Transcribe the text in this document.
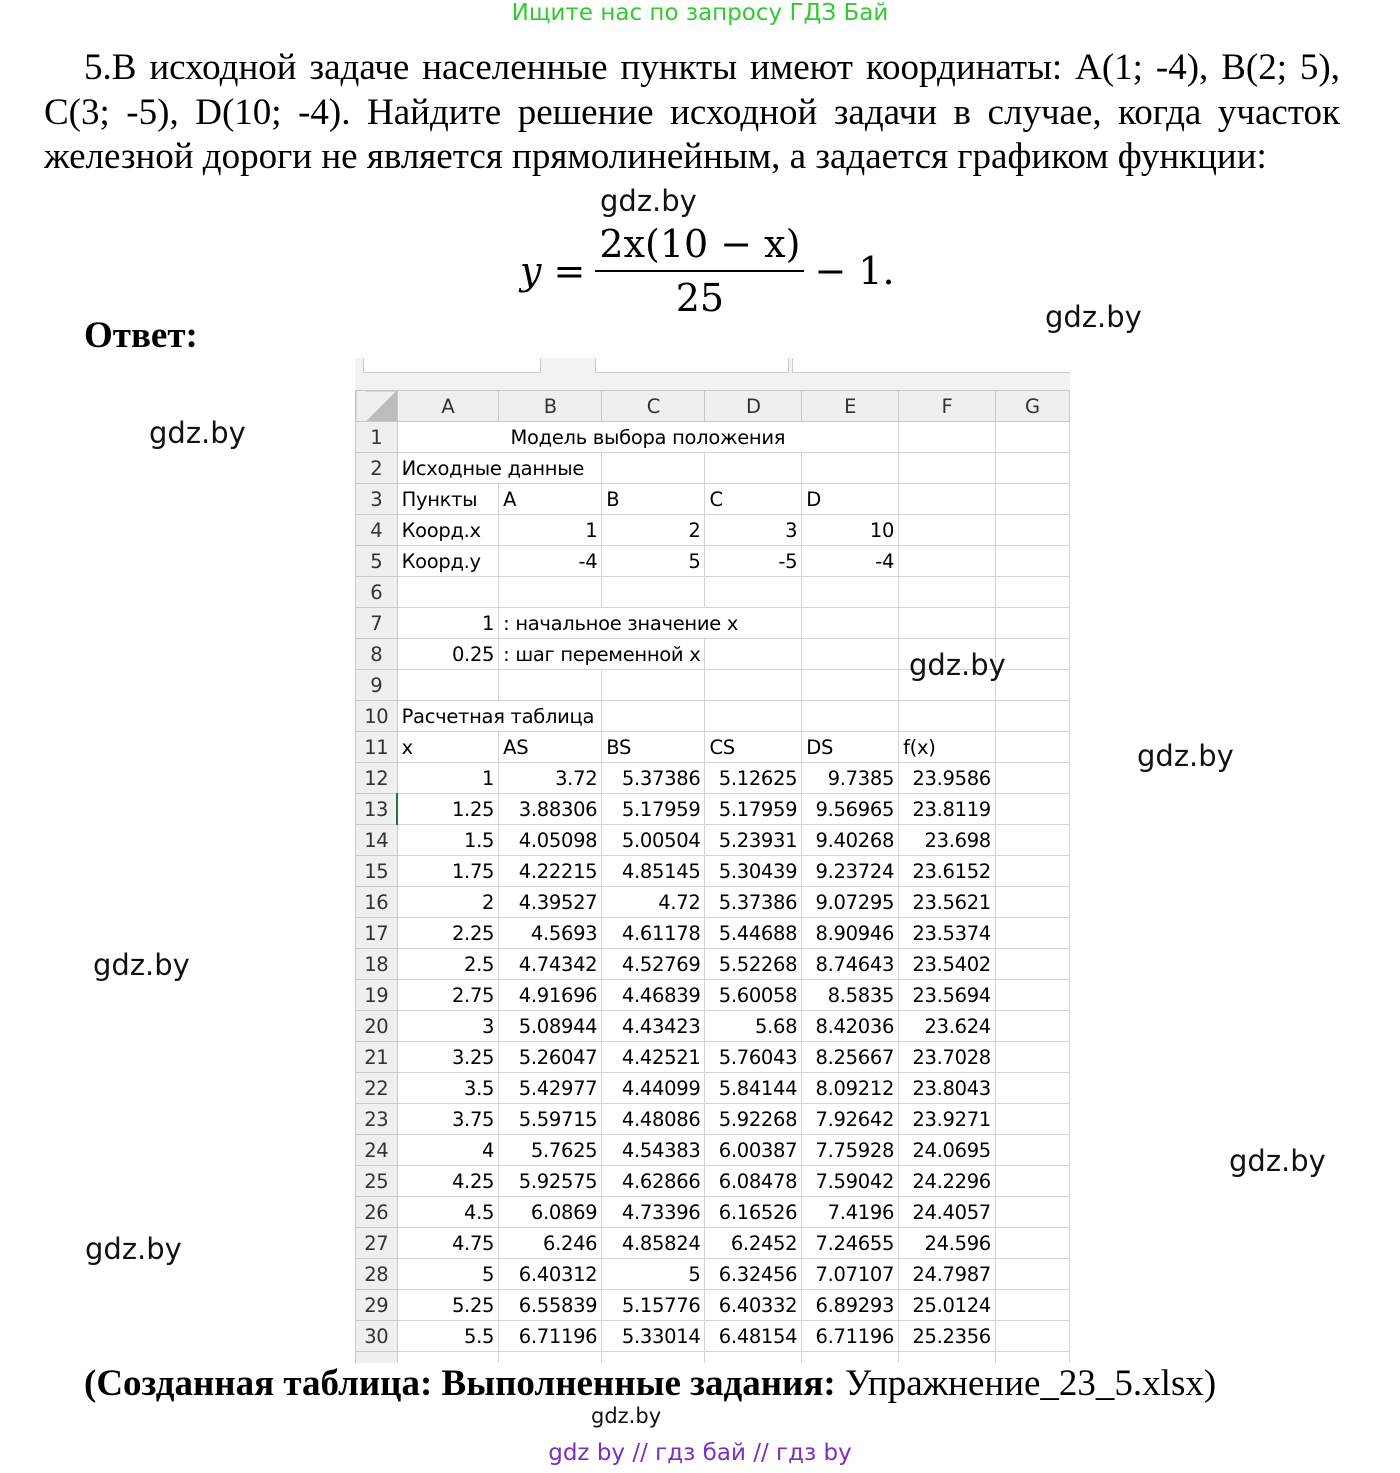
Ищите нас по запросу ГДЗ Бай
5.В исходной задаче населенные пункты имеют координаты: A(1; -4), B(2; 5), C(3; -5), D(10; -4). Найдите решение исходной задачи в случае, когда участок железной дороги не является прямолинейным, а задается графиком функции:
$y = \frac{2x(10 - x)}{25} - 1$.
Ответ:
	A	B	C	D	E	F	G
1	Модель выбора положения						
2	Исходные данные						
3	Пункты	A	B	C	D		
4	Коорд.x	1	2	3	10		
5	Коорд.y	-4	5	-5	-4		
6							
7	1	: начальное значение x					
8	0.25	: шаг переменной x					
9							
10	Расчетная таблица						
11	x	AS	BS	CS	DS	f(x)	
12	1	3.72	5.37386	5.12625	9.7385	23.9586	
13	1.25	3.88306	5.17959	5.17959	9.56965	23.8119	
14	1.5	4.05098	5.00504	5.23931	9.40268	23.698	
15	1.75	4.22215	4.85145	5.30439	9.23724	23.6152	
16	2	4.39527	4.72	5.37386	9.07295	23.5621	
17	2.25	4.5693	4.61178	5.44688	8.90946	23.5374	
18	2.5	4.74342	4.52769	5.52268	8.74643	23.5402	
19	2.75	4.91696	4.46839	5.60058	8.5835	23.5694	
20	3	5.08944	4.43423	5.68	8.42036	23.624	
21	3.25	5.26047	4.42521	5.76043	8.25667	23.7028	
22	3.5	5.42977	4.44099	5.84144	8.09212	23.8043	
23	3.75	5.59715	4.48086	5.92268	7.92642	23.9271	
24	4	5.7625	4.54383	6.00387	7.75928	24.0695	
25	4.25	5.92575	4.62866	6.08478	7.59042	24.2296	
26	4.5	6.0869	4.73396	6.16526	7.4196	24.4057	
27	4.75	6.246	4.85824	6.2452	7.24655	24.596	
28	5	6.40312	5	6.32456	7.07107	24.7987	
29	5.25	6.55839	5.15776	6.40332	6.89293	25.0124	
30	5.5	6.71196	5.33014	6.48154	6.71196	25.2356	

(Созданная таблица: Выполненные задания: Упражнение_23_5.xlsx)
gdz.by
gdz.by
gdz.by
gdz.by
gdz.by
gdz.by
gdz.by
gdz.by
gdz.by
gdz by // гдз бай // гдз by
